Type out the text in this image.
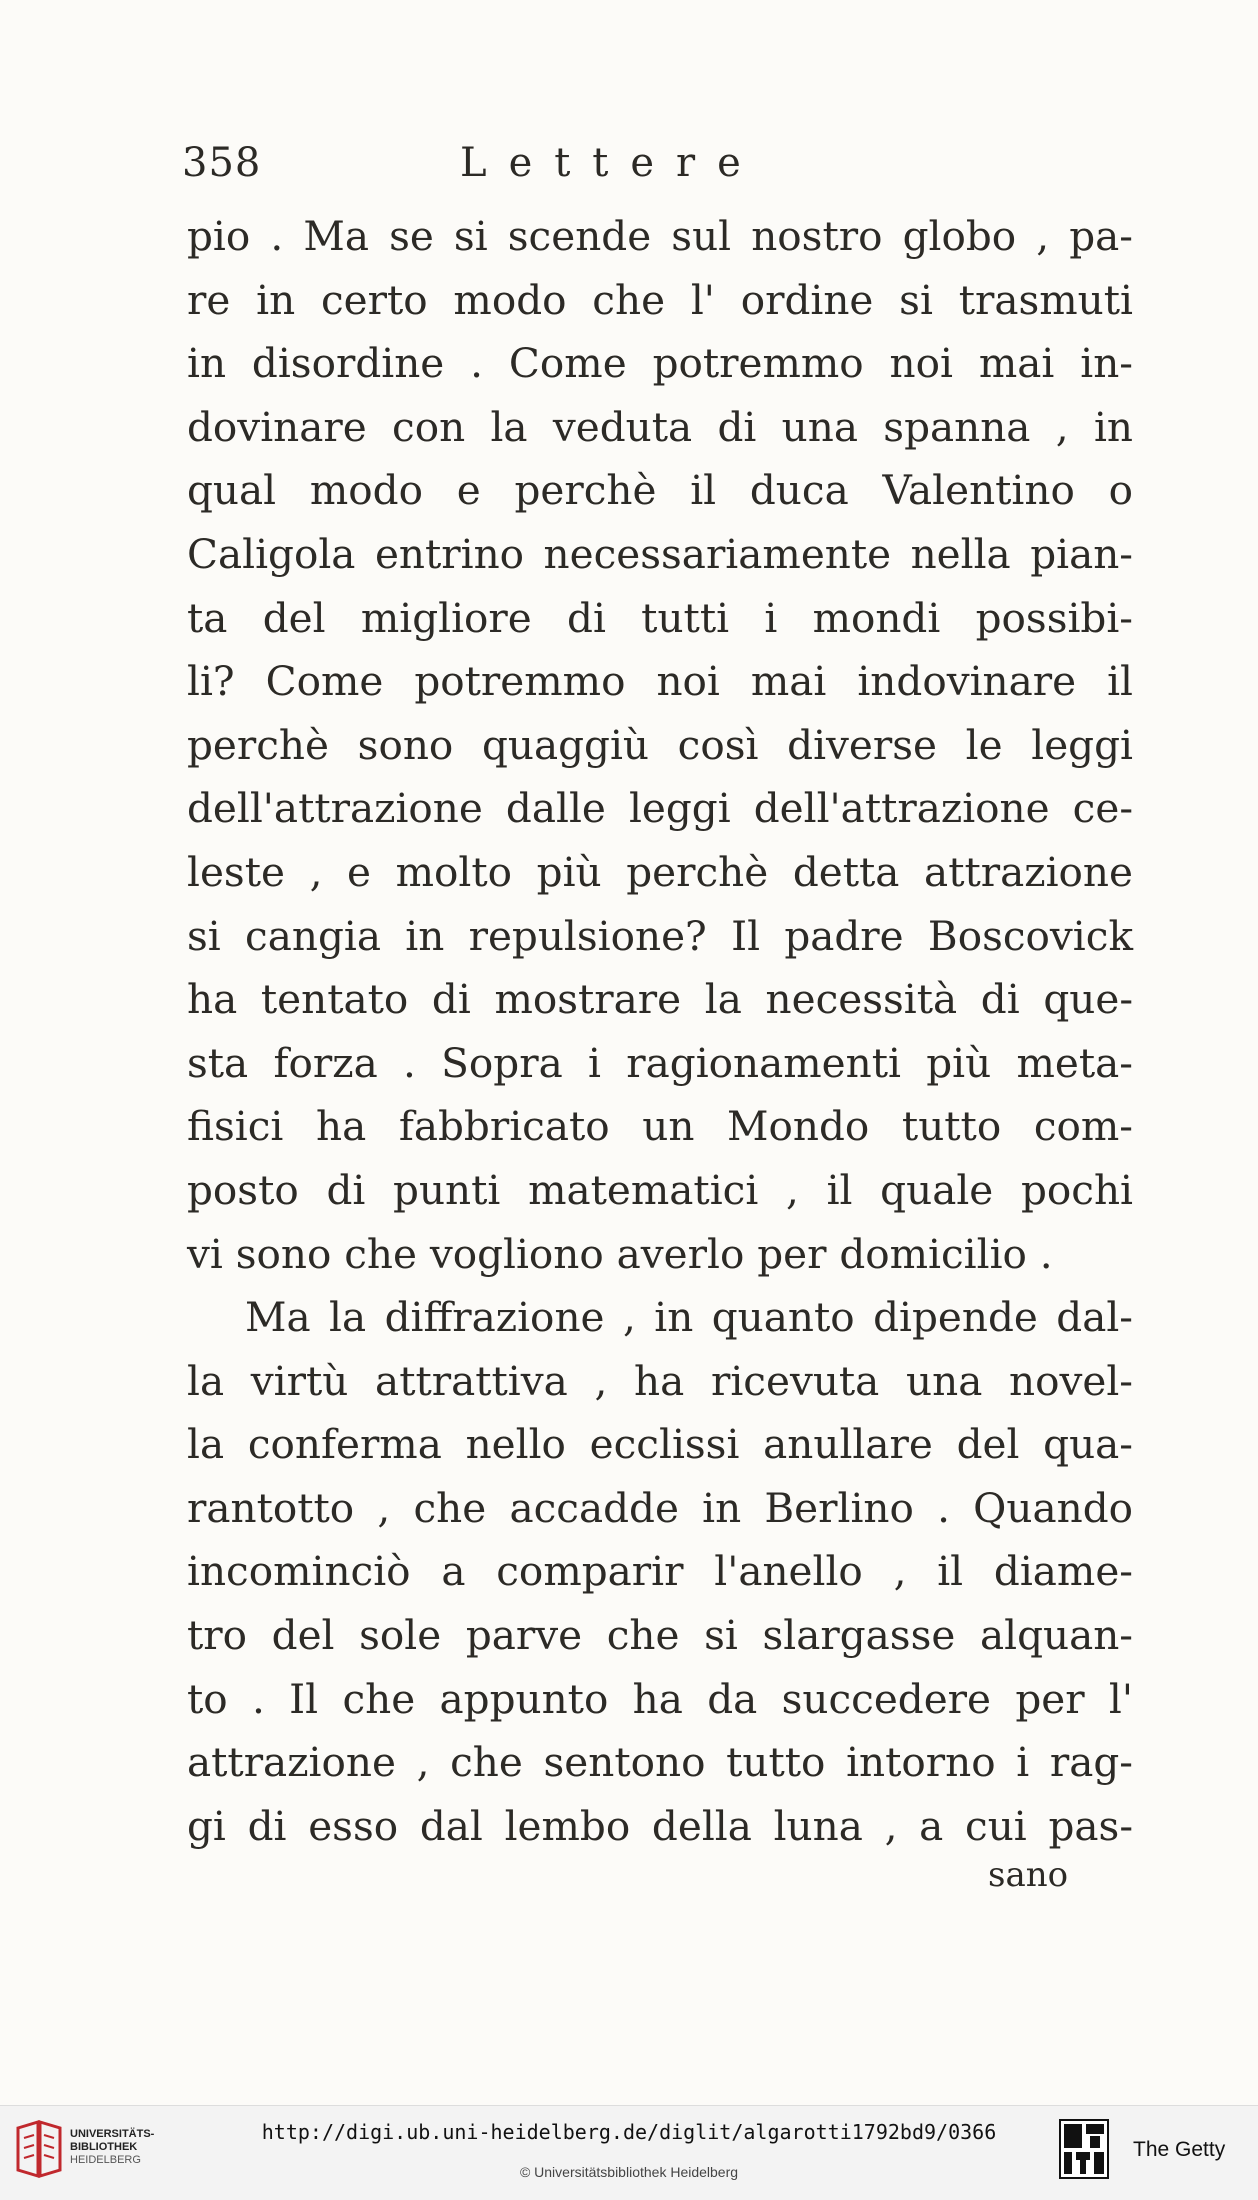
358	Lettere
pio . Ma se si scende sul nostro globo , pa-
re in certo modo che l' ordine si trasmuti
in disordine . Come potremmo noi mai in-
dovinare con la veduta di una spanna , in
qual modo e perchè il duca Valentino o
Caligola entrino necessariamente nella pian-
ta del migliore di tutti i mondi possibi-
li? Come potremmo noi mai indovinare il
perchè sono quaggiù così diverse le leggi
dell'attrazione dalle leggi dell'attrazione ce-
leste , e molto più perchè detta attrazione
si cangia in repulsione? Il padre Boscovick
ha tentato di mostrare la necessità di que-
sta forza . Sopra i ragionamenti più meta-
fisici ha fabbricato un Mondo tutto com-
posto di punti matematici , il quale pochi
vi sono che vogliono averlo per domicilio .
Ma la diffrazione , in quanto dipende dal-
la virtù attrattiva , ha ricevuta una novel-
la conferma nello ecclissi anullare del qua-
rantotto , che accadde in Berlino . Quando
incominciò a comparir l'anello , il diame-
tro del sole parve che si slargasse alquan-
to . Il che appunto ha da succedere per l'
attrazione , che sentono tutto intorno i rag-
gi di esso dal lembo della luna , a cui pas-
sano
UNIVERSITÄTS-
BIBLIOTHEK
HEIDELBERG
http://digi.ub.uni-heidelberg.de/diglit/algarotti1792bd9/0366
© Universitätsbibliothek Heidelberg
The Getty
